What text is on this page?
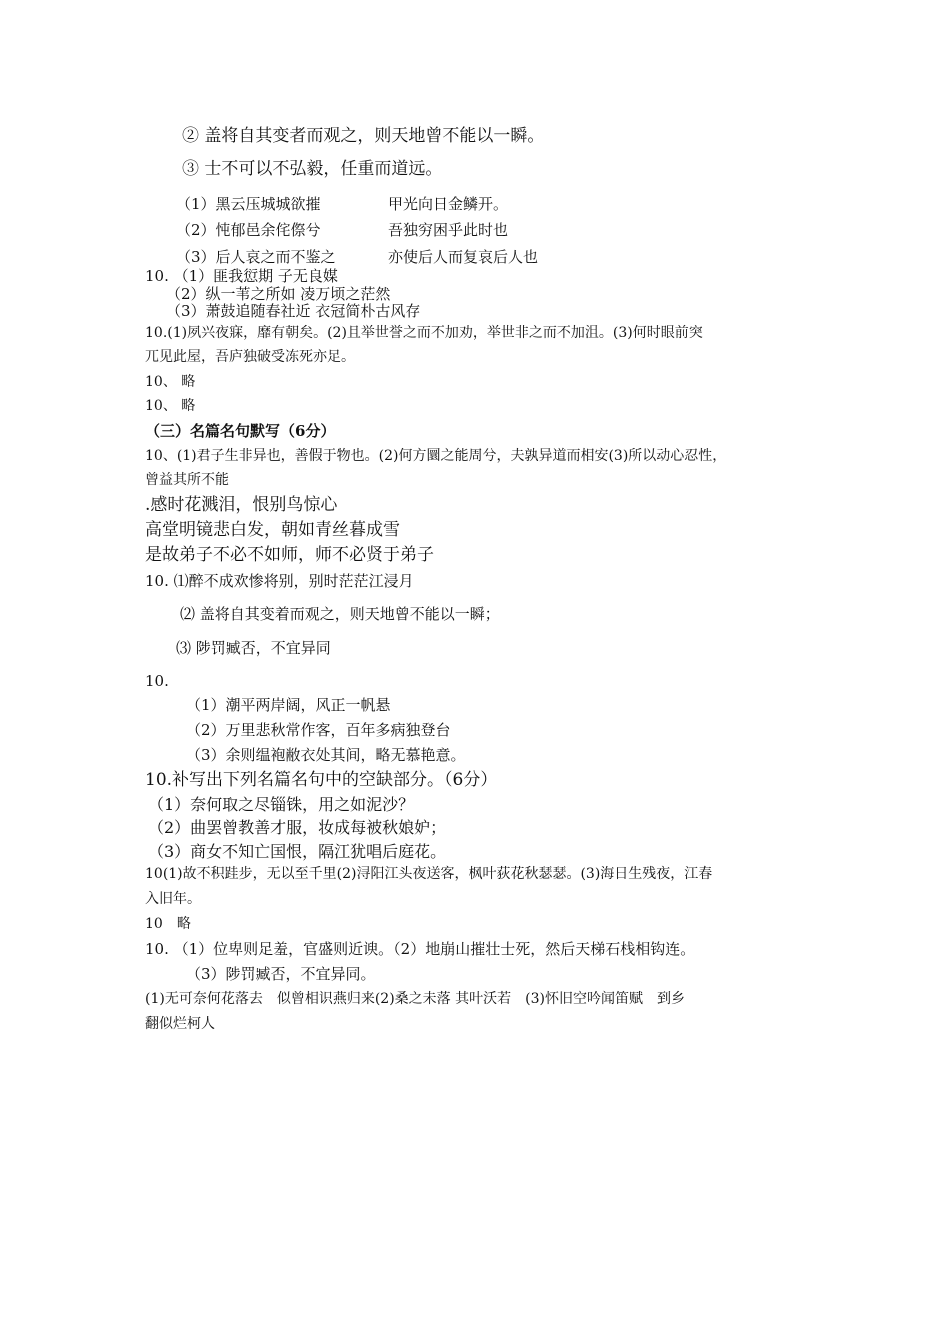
② 盖将自其变者而观之，则天地曾不能以一瞬。
③ 士不可以不弘毅，任重而道远。
（1）黑云压城城欲摧	甲光向日金鳞开。
（2）忳郁邑余侘傺兮	吾独穷困乎此时也
（3）后人哀之而不鉴之	亦使后人而复哀后人也
10. （1）匪我愆期 子无良媒
（2）纵一苇之所如 凌万顷之茫然
（3）萧鼓追随春社近 衣冠简朴古风存
10.(1)夙兴夜寐，靡有朝矣。(2)且举世誉之而不加劝，举世非之而不加沮。(3)何时眼前突
兀见此屋，吾庐独破受冻死亦足。
10、 略
10、 略
（三）名篇名句默写（6分）
10、(1)君子生非异也，善假于物也。(2)何方圜之能周兮，夫孰异道而相安(3)所以动心忍性，
曾益其所不能
.感时花溅泪，恨别鸟惊心
高堂明镜悲白发，朝如青丝暮成雪
是故弟子不必不如师，师不必贤于弟子
10. ⑴醉不成欢惨将别，别时茫茫江浸月
⑵ 盖将自其变着而观之，则天地曾不能以一瞬；
⑶ 陟罚臧否，不宜异同
10.
（1）潮平两岸阔，风正一帆悬
（2）万里悲秋常作客，百年多病独登台
（3）余则缊袍敝衣处其间，略无慕艳意。
10.补写出下列名篇名句中的空缺部分。（6分）
（1）奈何取之尽锱铢，用之如泥沙？
（2）曲罢曾教善才服，妆成每被秋娘妒；
（3）商女不知亡国恨，隔江犹唱后庭花。
10(1)故不积跬步，无以至千里(2)浔阳江头夜送客，枫叶荻花秋瑟瑟。(3)海日生残夜，江春
入旧年。
10　略
10. （1）位卑则足羞，官盛则近谀。（2）地崩山摧壮士死，然后天梯石栈相钩连。
（3）陟罚臧否，不宜异同。
(1)无可奈何花落去　似曾相识燕归来(2)桑之未落 其叶沃若　(3)怀旧空吟闻笛赋　到乡
翻似烂柯人
